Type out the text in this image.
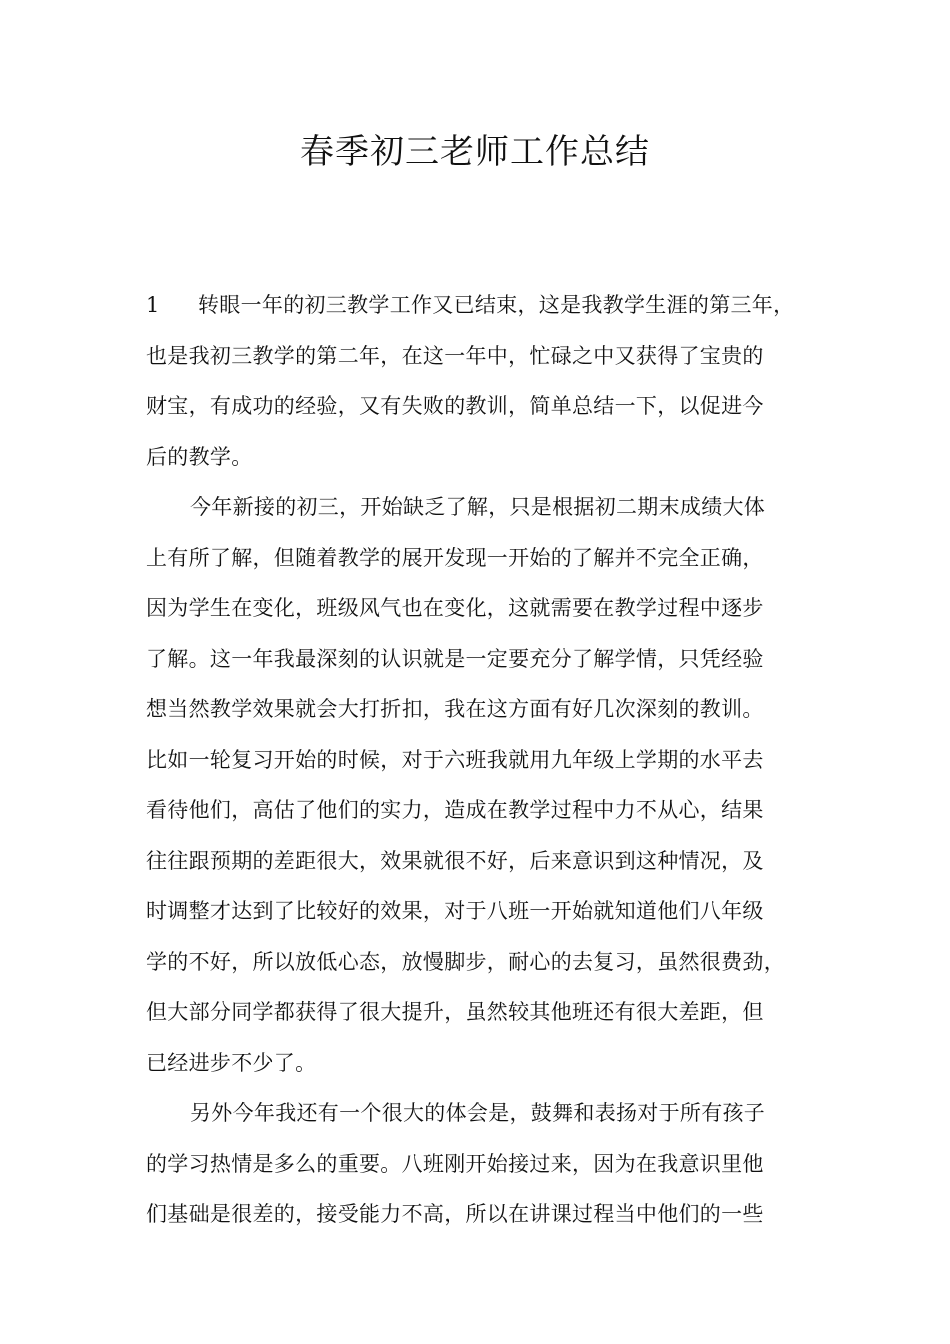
春季初三老师工作总结
1 转眼一年的初三教学工作又已结束，这是我教学生涯的第三年，
也是我初三教学的第二年，在这一年中，忙碌之中又获得了宝贵的
财宝，有成功的经验，又有失败的教训，简单总结一下，以促进今
后的教学。
今年新接的初三，开始缺乏了解，只是根据初二期末成绩大体
上有所了解，但随着教学的展开发现一开始的了解并不完全正确，
因为学生在变化，班级风气也在变化，这就需要在教学过程中逐步
了解。这一年我最深刻的认识就是一定要充分了解学情，只凭经验
想当然教学效果就会大打折扣，我在这方面有好几次深刻的教训。
比如一轮复习开始的时候，对于六班我就用九年级上学期的水平去
看待他们，高估了他们的实力，造成在教学过程中力不从心，结果
往往跟预期的差距很大，效果就很不好，后来意识到这种情况，及
时调整才达到了比较好的效果，对于八班一开始就知道他们八年级
学的不好，所以放低心态，放慢脚步，耐心的去复习，虽然很费劲，
但大部分同学都获得了很大提升，虽然较其他班还有很大差距，但
已经进步不少了。
另外今年我还有一个很大的体会是，鼓舞和表扬对于所有孩子
的学习热情是多么的重要。八班刚开始接过来，因为在我意识里他
们基础是很差的，接受能力不高，所以在讲课过程当中他们的一些
